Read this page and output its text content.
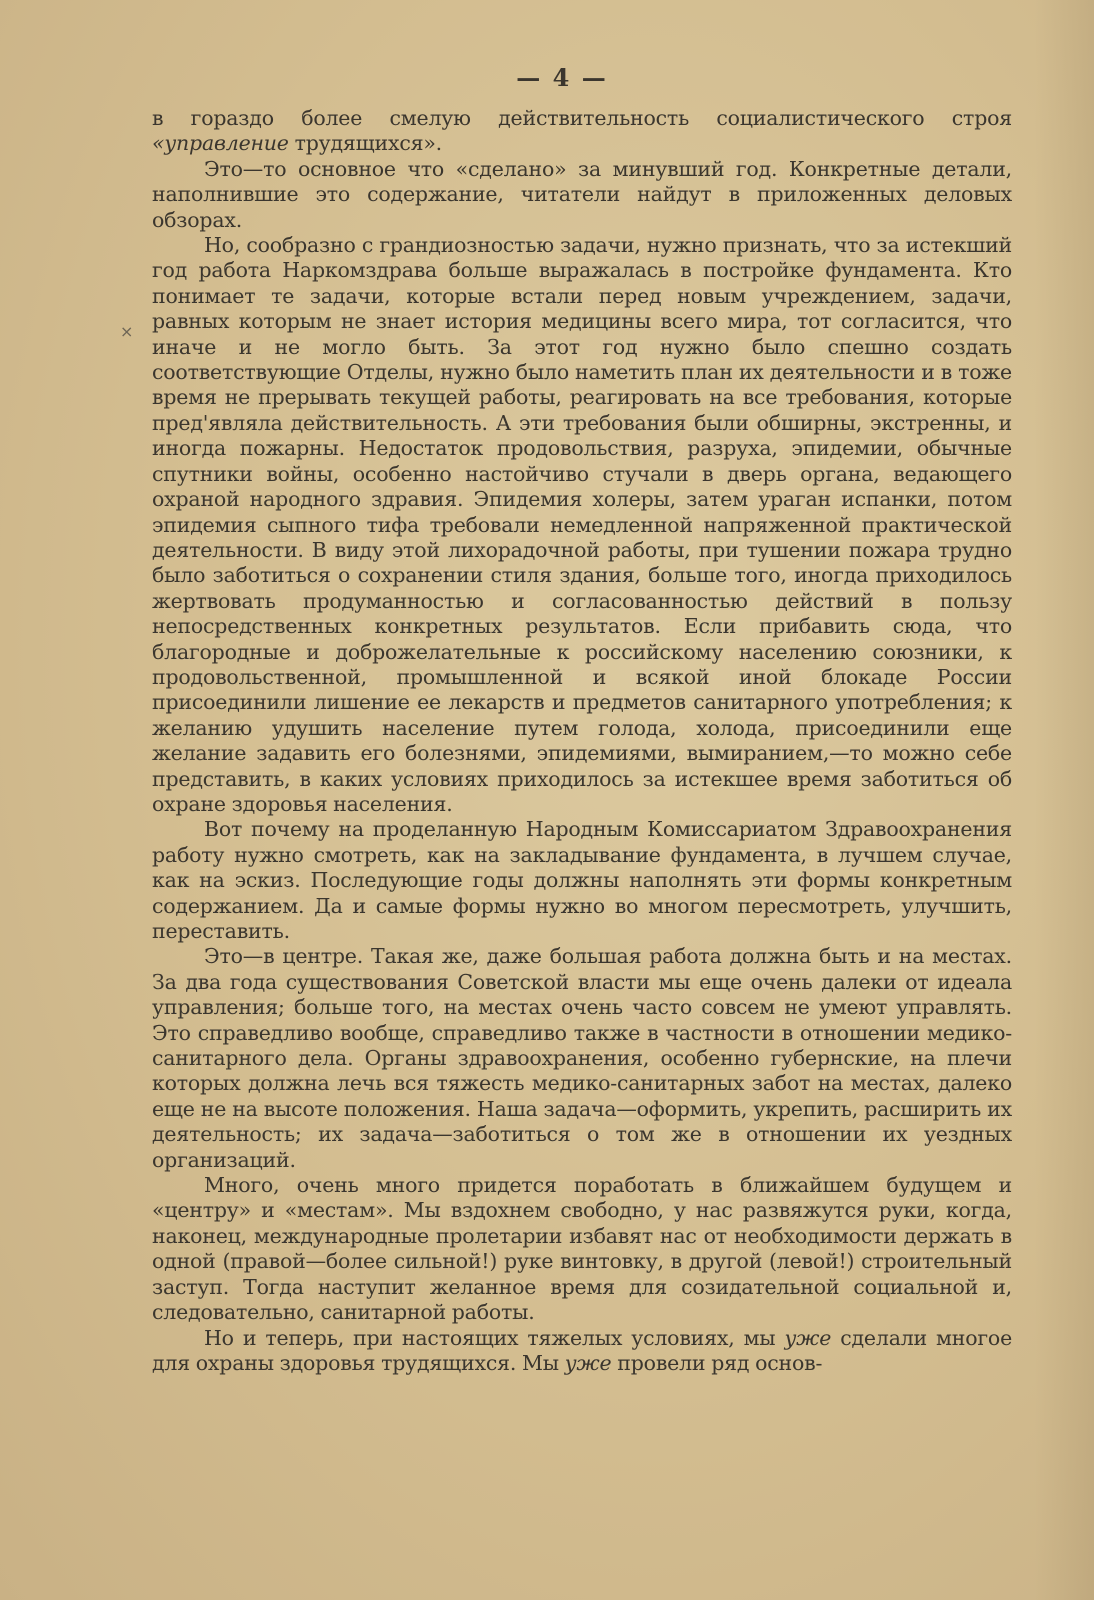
×
— 4 —

в гораздо более смелую действительность социалистического строя «управление трудящихся».

Это—то основное что «сделано» за минувший год. Конкретные детали, наполнившие это содержание, читатели найдут в приложенных деловых обзорах.

Но, сообразно с грандиозностью задачи, нужно признать, что за истекший год работа Наркомздрава больше выражалась в постройке фундамента. Кто понимает те задачи, которые встали перед новым учреждением, задачи, равных которым не знает история медицины всего мира, тот согласится, что иначе и не могло быть. За этот год нужно было спешно создать соответствующие Отделы, нужно было наметить план их деятельности и в тоже время не прерывать текущей работы, реагировать на все требования, которые пред'являла действительность. А эти требования были обширны, экстренны, и иногда пожарны. Недостаток продовольствия, разруха, эпидемии, обычные спутники войны, особенно настойчиво стучали в дверь органа, ведающего охраной народного здравия. Эпидемия холеры, затем ураган испанки, потом эпидемия сыпного тифа требовали немедленной напряженной практической деятельности. В виду этой лихорадочной работы, при тушении пожара трудно было заботиться о сохранении стиля здания, больше того, иногда приходилось жертвовать продуманностью и согласованностью действий в пользу непосредственных конкретных результатов. Если прибавить сюда, что благородные и доброжелательные к российскому населению союзники, к продовольственной, промышленной и всякой иной блокаде России присоединили лишение ее лекарств и предметов санитарного употребления; к желанию удушить население путем голода, холода, присоединили еще желание задавить его болезнями, эпидемиями, вымиранием,—то можно себе представить, в каких условиях приходилось за истекшее время заботиться об охране здоровья населения.

Вот почему на проделанную Народным Комиссариатом Здравоохранения работу нужно смотреть, как на закладывание фундамента, в лучшем случае, как на эскиз. Последующие годы должны наполнять эти формы конкретным содержанием. Да и самые формы нужно во многом пересмотреть, улучшить, переставить.

Это—в центре. Такая же, даже большая работа должна быть и на местах. За два года существования Советской власти мы еще очень далеки от идеала управления; больше того, на местах очень часто совсем не умеют управлять. Это справедливо вообще, справедливо также в частности в отношении медико-санитарного дела. Органы здравоохранения, особенно губернские, на плечи которых должна лечь вся тяжесть медико-санитарных забот на местах, далеко еще не на высоте положения. Наша задача—оформить, укрепить, расширить их деятельность; их задача—заботиться о том же в отношении их уездных организаций.

Много, очень много придется поработать в ближайшем будущем и «центру» и «местам». Мы вздохнем свободно, у нас развяжутся руки, когда, наконец, международные пролетарии избавят нас от необходимости держать в одной (правой—более сильной!) руке винтовку, в другой (левой!) строительный заступ. Тогда наступит желанное время для созидательной социальной и, следовательно, санитарной работы.

Но и теперь, при настоящих тяжелых условиях, мы уже сделали многое для охраны здоровья трудящихся. Мы уже провели ряд основ-
